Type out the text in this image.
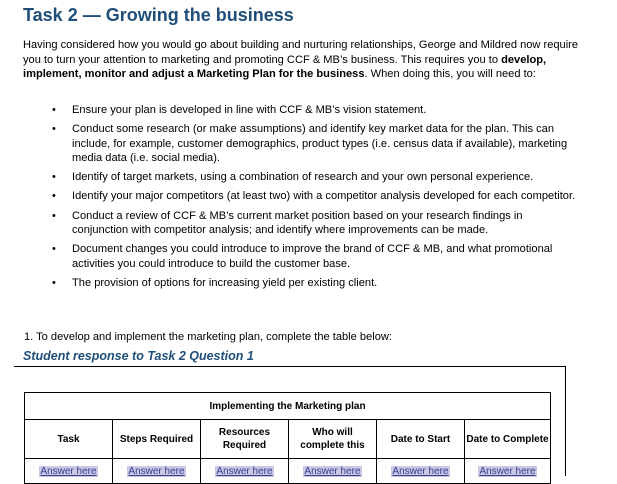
Task 2 — Growing the business

Having considered how you would go about building and nurturing relationships, George and Mildred now require you to turn your attention to marketing and promoting CCF & MB’s business. This requires you to develop, implement, monitor and adjust a Marketing Plan for the business. When doing this, you will need to:

• Ensure your plan is developed in line with CCF & MB’s vision statement.
• Conduct some research (or make assumptions) and identify key market data for the plan. This can include, for example, customer demographics, product types (i.e. census data if available), marketing media data (i.e. social media).
• Identify of target markets, using a combination of research and your own personal experience.
• Identify your major competitors (at least two) with a competitor analysis developed for each competitor.
• Conduct a review of CCF & MB’s current market position based on your research findings in conjunction with competitor analysis; and identify where improvements can be made.
• Document changes you could introduce to improve the brand of CCF & MB, and what promotional activities you could introduce to build the customer base.
• The provision of options for increasing yield per existing client.

1. To develop and implement the marketing plan, complete the table below:

Student response to Task 2 Question 1

Implementing the Marketing plan					
Task	Steps Required	Resources Required	Who will complete this	Date to Start	Date to Complete
Answer here	Answer here	Answer here	Answer here	Answer here	Answer here
